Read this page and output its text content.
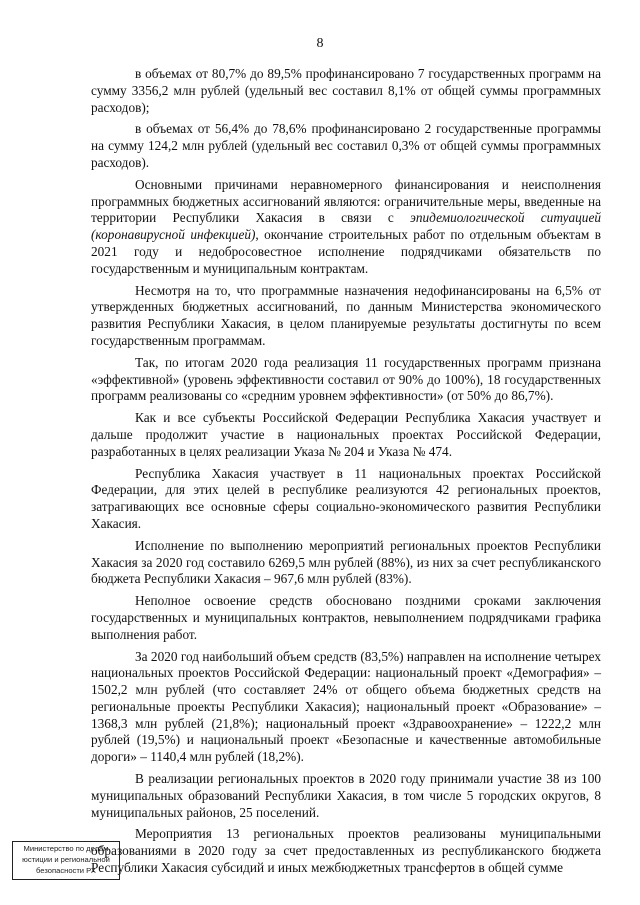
8

в объемах от 80,7% до 89,5% профинансировано 7 государственных программ на сумму 3356,2 млн рублей (удельный вес составил 8,1% от общей суммы программных расходов);

в объемах от 56,4% до 78,6% профинансировано 2 государственные программы на сумму 124,2 млн рублей (удельный вес составил 0,3% от общей суммы программных расходов).

Основными причинами неравномерного финансирования и неисполнения программных бюджетных ассигнований являются: ограничительные меры, введенные на территории Республики Хакасия в связи с эпидемиологической ситуацией (коронавирусной инфекцией), окончание строительных работ по отдельным объектам в 2021 году и недобросовестное исполнение подрядчиками обязательств по государственным и муниципальным контрактам.

Несмотря на то, что программные назначения недофинансированы на 6,5% от утвержденных бюджетных ассигнований, по данным Министерства экономического развития Республики Хакасия, в целом планируемые результаты достигнуты по всем государственным программам.

Так, по итогам 2020 года реализация 11 государственных программ признана «эффективной» (уровень эффективности составил от 90% до 100%), 18 государственных программ реализованы со «средним уровнем эффективности» (от 50% до 86,7%).

Как и все субъекты Российской Федерации Республика Хакасия участвует и дальше продолжит участие в национальных проектах Российской Федерации, разработанных в целях реализации Указа № 204 и Указа № 474.

Республика Хакасия участвует в 11 национальных проектах Российской Федерации, для этих целей в республике реализуются 42 региональных проектов, затрагивающих все основные сферы социально-экономического развития Республики Хакасия.

Исполнение по выполнению мероприятий региональных проектов Республики Хакасия за 2020 год составило 6269,5 млн рублей (88%), из них за счет республиканского бюджета Республики Хакасия – 967,6 млн рублей (83%).

Неполное освоение средств обосновано поздними сроками заключения государственных и муниципальных контрактов, невыполнением подрядчиками графика выполнения работ.

За 2020 год наибольший объем средств (83,5%) направлен на исполнение четырех национальных проектов Российской Федерации: национальный проект «Демография» – 1502,2 млн рублей (что составляет 24% от общего объема бюджетных средств на региональные проекты Республики Хакасия); национальный проект «Образование» – 1368,3 млн рублей (21,8%); национальный проект «Здравоохранение» – 1222,2 млн рублей (19,5%) и национальный проект «Безопасные и качественные автомобильные дороги» – 1140,4 млн рублей (18,2%).

В реализации региональных проектов в 2020 году принимали участие 38 из 100 муниципальных образований Республики Хакасия, в том числе 5 городских округов, 8 муниципальных районов, 25 поселений.

Мероприятия 13 региональных проектов реализованы муниципальными образованиями в 2020 году за счет предоставленных из республиканского бюджета Республики Хакасия субсидий и иных межбюджетных трансфертов в общей сумме

Министерство по делам
юстиции и региональной
безопасности РХ
